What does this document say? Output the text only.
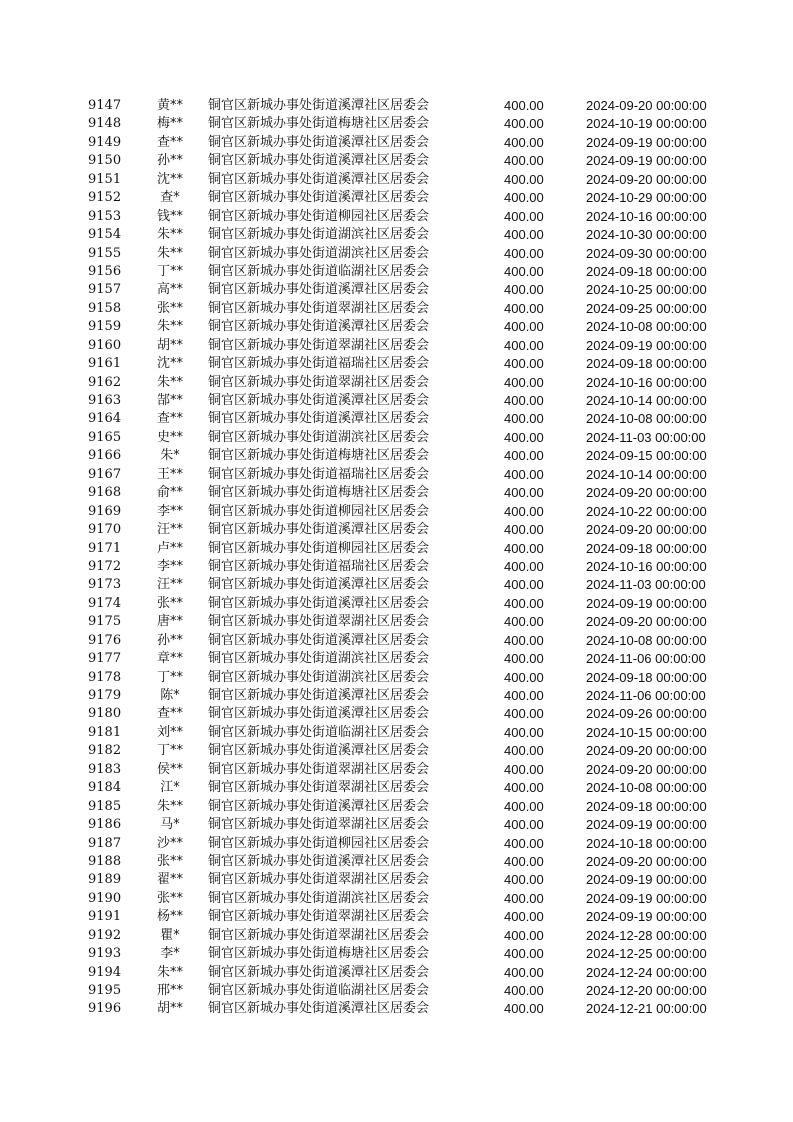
9147	黄**	铜官区新城办事处街道溪潭社区居委会	400.00	2024-09-20 00:00:00
9148	梅**	铜官区新城办事处街道梅塘社区居委会	400.00	2024-10-19 00:00:00
9149	查**	铜官区新城办事处街道溪潭社区居委会	400.00	2024-09-19 00:00:00
9150	孙**	铜官区新城办事处街道溪潭社区居委会	400.00	2024-09-19 00:00:00
9151	沈**	铜官区新城办事处街道溪潭社区居委会	400.00	2024-09-20 00:00:00
9152	查*	铜官区新城办事处街道溪潭社区居委会	400.00	2024-10-29 00:00:00
9153	钱**	铜官区新城办事处街道柳园社区居委会	400.00	2024-10-16 00:00:00
9154	朱**	铜官区新城办事处街道湖滨社区居委会	400.00	2024-10-30 00:00:00
9155	朱**	铜官区新城办事处街道湖滨社区居委会	400.00	2024-09-30 00:00:00
9156	丁**	铜官区新城办事处街道临湖社区居委会	400.00	2024-09-18 00:00:00
9157	高**	铜官区新城办事处街道溪潭社区居委会	400.00	2024-10-25 00:00:00
9158	张**	铜官区新城办事处街道翠湖社区居委会	400.00	2024-09-25 00:00:00
9159	朱**	铜官区新城办事处街道溪潭社区居委会	400.00	2024-10-08 00:00:00
9160	胡**	铜官区新城办事处街道翠湖社区居委会	400.00	2024-09-19 00:00:00
9161	沈**	铜官区新城办事处街道福瑞社区居委会	400.00	2024-09-18 00:00:00
9162	朱**	铜官区新城办事处街道翠湖社区居委会	400.00	2024-10-16 00:00:00
9163	郜**	铜官区新城办事处街道溪潭社区居委会	400.00	2024-10-14 00:00:00
9164	查**	铜官区新城办事处街道溪潭社区居委会	400.00	2024-10-08 00:00:00
9165	史**	铜官区新城办事处街道湖滨社区居委会	400.00	2024-11-03 00:00:00
9166	朱*	铜官区新城办事处街道梅塘社区居委会	400.00	2024-09-15 00:00:00
9167	王**	铜官区新城办事处街道福瑞社区居委会	400.00	2024-10-14 00:00:00
9168	俞**	铜官区新城办事处街道梅塘社区居委会	400.00	2024-09-20 00:00:00
9169	李**	铜官区新城办事处街道柳园社区居委会	400.00	2024-10-22 00:00:00
9170	汪**	铜官区新城办事处街道溪潭社区居委会	400.00	2024-09-20 00:00:00
9171	卢**	铜官区新城办事处街道柳园社区居委会	400.00	2024-09-18 00:00:00
9172	李**	铜官区新城办事处街道福瑞社区居委会	400.00	2024-10-16 00:00:00
9173	汪**	铜官区新城办事处街道溪潭社区居委会	400.00	2024-11-03 00:00:00
9174	张**	铜官区新城办事处街道溪潭社区居委会	400.00	2024-09-19 00:00:00
9175	唐**	铜官区新城办事处街道翠湖社区居委会	400.00	2024-09-20 00:00:00
9176	孙**	铜官区新城办事处街道溪潭社区居委会	400.00	2024-10-08 00:00:00
9177	章**	铜官区新城办事处街道湖滨社区居委会	400.00	2024-11-06 00:00:00
9178	丁**	铜官区新城办事处街道湖滨社区居委会	400.00	2024-09-18 00:00:00
9179	陈*	铜官区新城办事处街道溪潭社区居委会	400.00	2024-11-06 00:00:00
9180	查**	铜官区新城办事处街道溪潭社区居委会	400.00	2024-09-26 00:00:00
9181	刘**	铜官区新城办事处街道临湖社区居委会	400.00	2024-10-15 00:00:00
9182	丁**	铜官区新城办事处街道溪潭社区居委会	400.00	2024-09-20 00:00:00
9183	侯**	铜官区新城办事处街道翠湖社区居委会	400.00	2024-09-20 00:00:00
9184	江*	铜官区新城办事处街道翠湖社区居委会	400.00	2024-10-08 00:00:00
9185	朱**	铜官区新城办事处街道溪潭社区居委会	400.00	2024-09-18 00:00:00
9186	马*	铜官区新城办事处街道翠湖社区居委会	400.00	2024-09-19 00:00:00
9187	沙**	铜官区新城办事处街道柳园社区居委会	400.00	2024-10-18 00:00:00
9188	张**	铜官区新城办事处街道溪潭社区居委会	400.00	2024-09-20 00:00:00
9189	翟**	铜官区新城办事处街道翠湖社区居委会	400.00	2024-09-19 00:00:00
9190	张**	铜官区新城办事处街道湖滨社区居委会	400.00	2024-09-19 00:00:00
9191	杨**	铜官区新城办事处街道翠湖社区居委会	400.00	2024-09-19 00:00:00
9192	瞿*	铜官区新城办事处街道翠湖社区居委会	400.00	2024-12-28 00:00:00
9193	李*	铜官区新城办事处街道梅塘社区居委会	400.00	2024-12-25 00:00:00
9194	朱**	铜官区新城办事处街道溪潭社区居委会	400.00	2024-12-24 00:00:00
9195	邢**	铜官区新城办事处街道临湖社区居委会	400.00	2024-12-20 00:00:00
9196	胡**	铜官区新城办事处街道溪潭社区居委会	400.00	2024-12-21 00:00:00
